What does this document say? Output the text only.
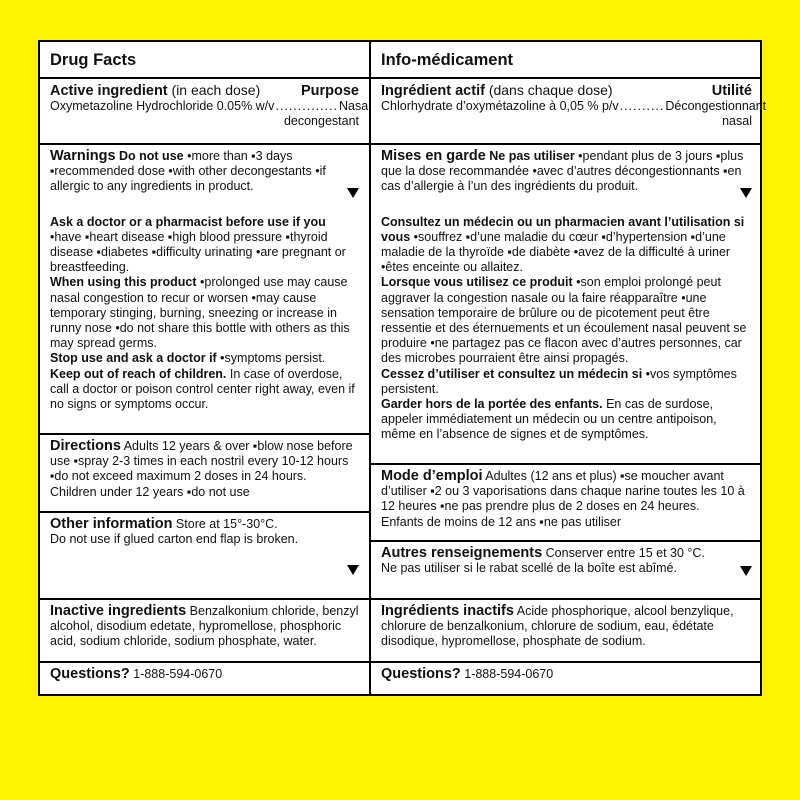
Drug Facts
Active ingredient (in each dose)	Purpose
Oxymetazoline Hydrochloride 0.05% w/v .............. Nasal
decongestant

Warnings Do not use •more than ▪3 days ▪recommended dose •with other decongestants •if allergic to any ingredients in product.

Ask a doctor or a pharmacist before use if you

•have ▪heart disease ▪high blood pressure ▪thyroid disease ▪diabetes ▪difficulty urinating •are pregnant or breastfeeding.

When using this product •prolonged use may cause nasal congestion to recur or worsen •may cause temporary stinging, burning, sneezing or increase in runny nose •do not share this bottle with others as this may spread germs.

Stop use and ask a doctor if •symptoms persist.

Keep out of reach of children. In case of overdose, call a doctor or poison control center right away, even if no signs or symptoms occur.

Directions Adults 12 years & over ▪blow nose before use ▪spray 2-3 times in each nostril every 10-12 hours ▪do not exceed maximum 2 doses in 24 hours.

Children under 12 years ▪do not use

Other information Store at 15°-30°C.

Do not use if glued carton end flap is broken.

Inactive ingredients Benzalkonium chloride, benzyl alcohol, disodium edetate, hypromellose, phosphoric acid, sodium chloride, sodium phosphate, water.

Questions? 1-888-594-0670

Info-médicament
Ingrédient actif (dans chaque dose)	Utilité
Chlorhydrate d’oxymétazoline à 0,05 % p/v .......... Décongestionnant
nasal

Mises en garde Ne pas utiliser •pendant plus de 3 jours ▪plus que la dose recommandée •avec d’autres décongestionnants ▪en cas d’allergie à l’un des ingrédients du produit.

Consultez un médecin ou un pharmacien avant l’utilisation si vous •souffrez ▪d’une maladie du cœur ▪d’hypertension ▪d’une maladie de la thyroïde ▪de diabète •avez de la difficulté à uriner •êtes enceinte ou allaitez.

Lorsque vous utilisez ce produit •son emploi prolongé peut aggraver la congestion nasale ou la faire réapparaître •une sensation temporaire de brûlure ou de picotement peut être ressentie et des éternuements et un écoulement nasal peuvent se produire •ne partagez pas ce flacon avec d’autres personnes, car des microbes pourraient être ainsi propagés.

Cessez d’utiliser et consultez un médecin si •vos symptômes persistent.

Garder hors de la portée des enfants. En cas de surdose, appeler immédiatement un médecin ou un centre antipoison, même en l’absence de signes et de symptômes.

Mode d’emploi Adultes (12 ans et plus) ▪se moucher avant d’utiliser ▪2 ou 3 vaporisations dans chaque narine toutes les 10 à 12 heures ▪ne pas prendre plus de 2 doses en 24 heures.

Enfants de moins de 12 ans ▪ne pas utiliser

Autres renseignements Conserver entre 15 et 30 °C.

Ne pas utiliser si le rabat scellé de la boîte est abîmé.

Ingrédients inactifs Acide phosphorique, alcool benzylique, chlorure de benzalkonium, chlorure de sodium, eau, édétate disodique, hypromellose, phosphate de sodium.

Questions? 1-888-594-0670
